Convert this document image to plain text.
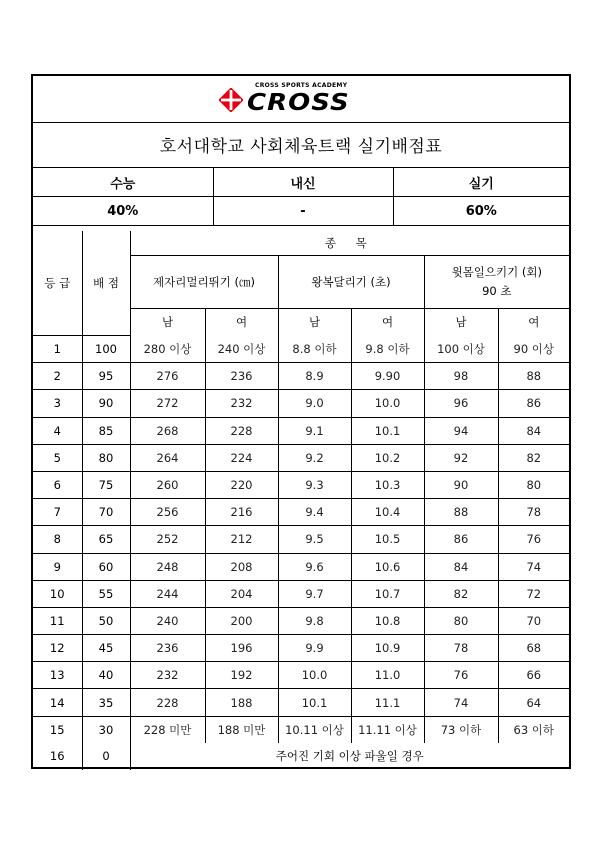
CROSS SPORTS ACADEMY
CROSS
호서대학교 사회체육트랙 실기배점표
수능	내신	실기
40%	-	60%
등 급	배 점	종 목					
		제자리멀리뛰기 (㎝)		왕복달리기 (초)		윗몸일으키기 (회)
90 초	

		남	여	남	여	남	여
1	100	280 이상	240 이상	8.8 이하	9.8 이하	100 이상	90 이상
2	95	276	236	8.9	9.90	98	88
3	90	272	232	9.0	10.0	96	86
4	85	268	228	9.1	10.1	94	84
5	80	264	224	9.2	10.2	92	82
6	75	260	220	9.3	10.3	90	80
7	70	256	216	9.4	10.4	88	78
8	65	252	212	9.5	10.5	86	76
9	60	248	208	9.6	10.6	84	74
10	55	244	204	9.7	10.7	82	72
11	50	240	200	9.8	10.8	80	70
12	45	236	196	9.9	10.9	78	68
13	40	232	192	10.0	11.0	76	66
14	35	228	188	10.1	11.1	74	64
15	30	228 미만	188 미만	10.11 이상	11.11 이상	73 이하	63 이하
16	0	주어진 기회 이상 파울일 경우					
